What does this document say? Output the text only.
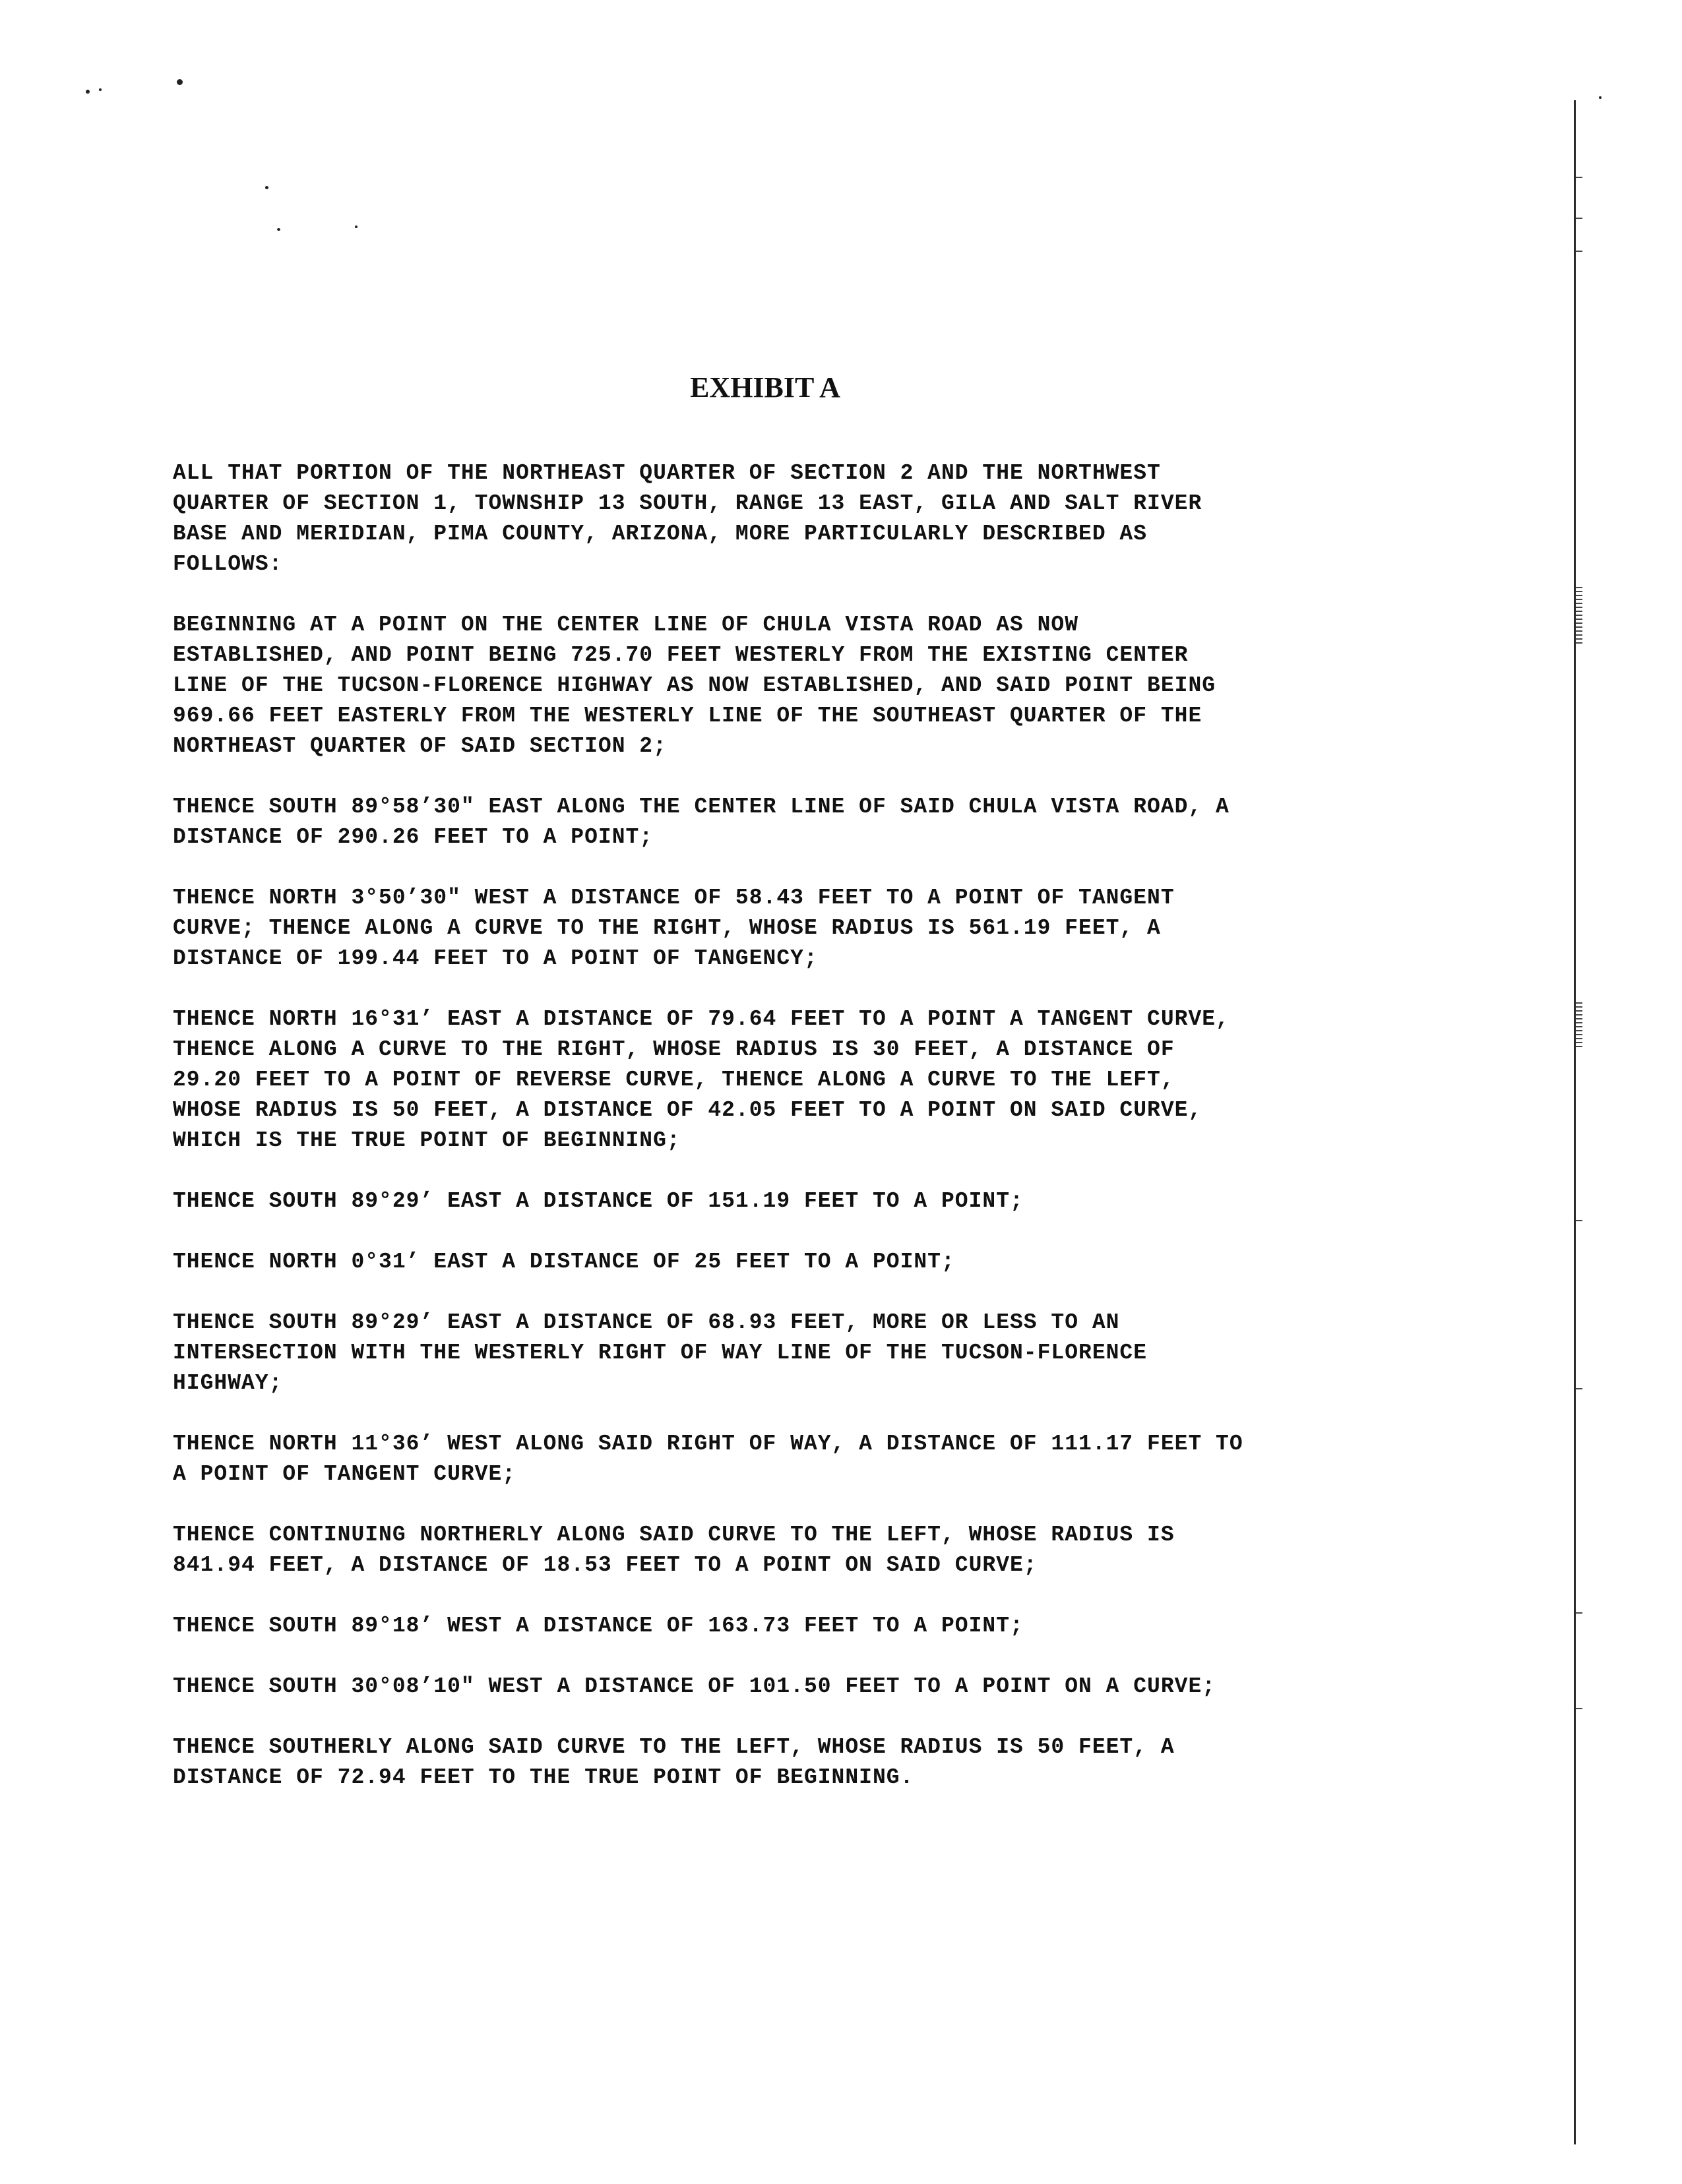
EXHIBIT A

ALL THAT PORTION OF THE NORTHEAST QUARTER OF SECTION 2 AND THE NORTHWEST
QUARTER OF SECTION 1, TOWNSHIP 13 SOUTH, RANGE 13 EAST, GILA AND SALT RIVER
BASE AND MERIDIAN, PIMA COUNTY, ARIZONA, MORE PARTICULARLY DESCRIBED AS
FOLLOWS:

BEGINNING AT A POINT ON THE CENTER LINE OF CHULA VISTA ROAD AS NOW
ESTABLISHED, AND POINT BEING 725.70 FEET WESTERLY FROM THE EXISTING CENTER
LINE OF THE TUCSON-FLORENCE HIGHWAY AS NOW ESTABLISHED, AND SAID POINT BEING
969.66 FEET EASTERLY FROM THE WESTERLY LINE OF THE SOUTHEAST QUARTER OF THE
NORTHEAST QUARTER OF SAID SECTION 2;

THENCE SOUTH 89°58’30" EAST ALONG THE CENTER LINE OF SAID CHULA VISTA ROAD, A
DISTANCE OF 290.26 FEET TO A POINT;

THENCE NORTH 3°50’30" WEST A DISTANCE OF 58.43 FEET TO A POINT OF TANGENT
CURVE; THENCE ALONG A CURVE TO THE RIGHT, WHOSE RADIUS IS 561.19 FEET, A
DISTANCE OF 199.44 FEET TO A POINT OF TANGENCY;

THENCE NORTH 16°31’ EAST A DISTANCE OF 79.64 FEET TO A POINT A TANGENT CURVE,
THENCE ALONG A CURVE TO THE RIGHT, WHOSE RADIUS IS 30 FEET, A DISTANCE OF
29.20 FEET TO A POINT OF REVERSE CURVE, THENCE ALONG A CURVE TO THE LEFT,
WHOSE RADIUS IS 50 FEET, A DISTANCE OF 42.05 FEET TO A POINT ON SAID CURVE,
WHICH IS THE TRUE POINT OF BEGINNING;

THENCE SOUTH 89°29’ EAST A DISTANCE OF 151.19 FEET TO A POINT;

THENCE NORTH 0°31’ EAST A DISTANCE OF 25 FEET TO A POINT;

THENCE SOUTH 89°29’ EAST A DISTANCE OF 68.93 FEET, MORE OR LESS TO AN
INTERSECTION WITH THE WESTERLY RIGHT OF WAY LINE OF THE TUCSON-FLORENCE
HIGHWAY;

THENCE NORTH 11°36’ WEST ALONG SAID RIGHT OF WAY, A DISTANCE OF 111.17 FEET TO
A POINT OF TANGENT CURVE;

THENCE CONTINUING NORTHERLY ALONG SAID CURVE TO THE LEFT, WHOSE RADIUS IS
841.94 FEET, A DISTANCE OF 18.53 FEET TO A POINT ON SAID CURVE;

THENCE SOUTH 89°18’ WEST A DISTANCE OF 163.73 FEET TO A POINT;

THENCE SOUTH 30°08’10" WEST A DISTANCE OF 101.50 FEET TO A POINT ON A CURVE;

THENCE SOUTHERLY ALONG SAID CURVE TO THE LEFT, WHOSE RADIUS IS 50 FEET, A
DISTANCE OF 72.94 FEET TO THE TRUE POINT OF BEGINNING.
